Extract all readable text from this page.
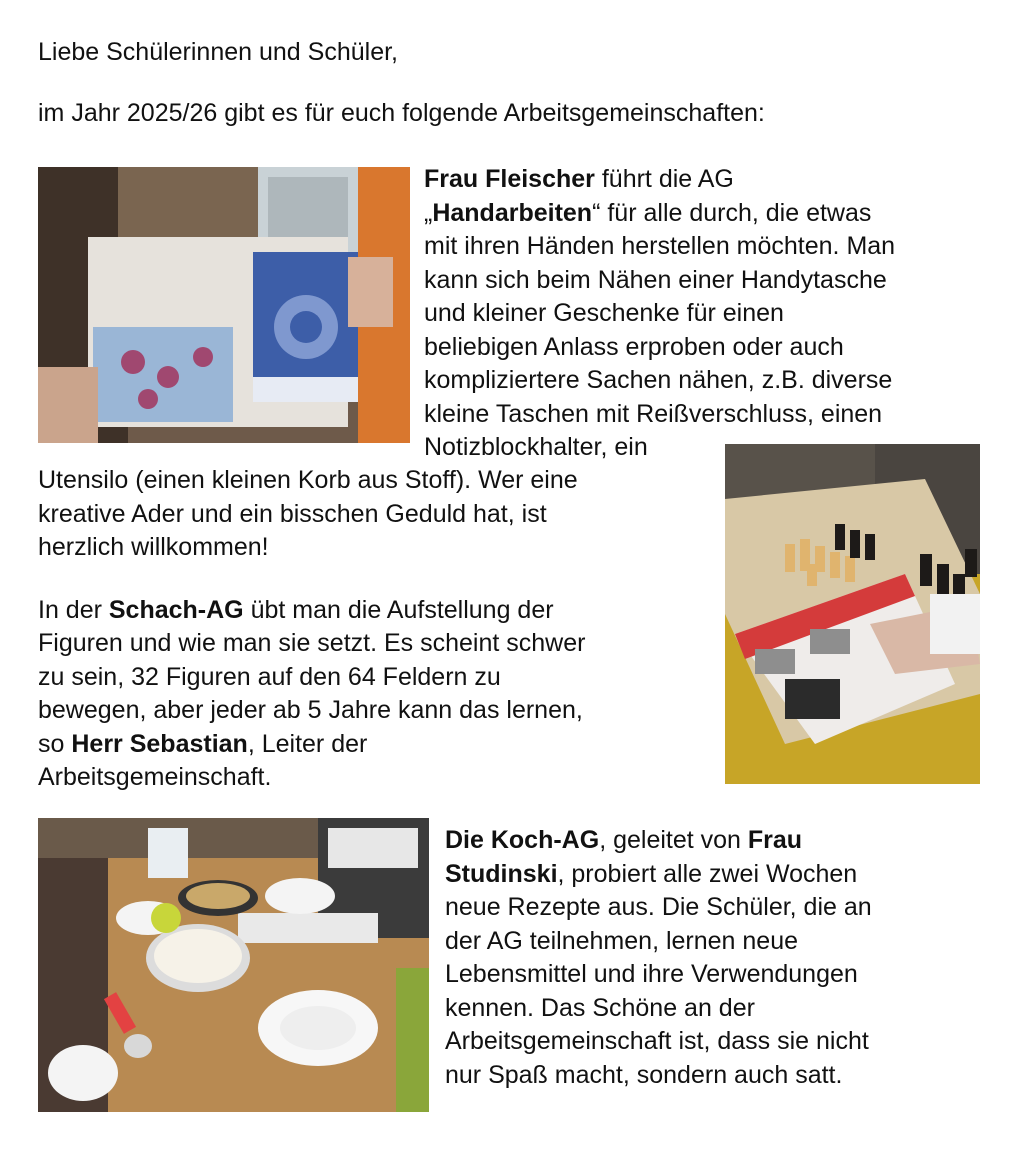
Liebe Schülerinnen und Schüler,
im Jahr 2025/26 gibt es für euch folgende Arbeitsgemeinschaften:
Frau Fleischer führt die AG
„Handarbeiten“ für alle durch, die etwas
mit ihren Händen herstellen möchten. Man
kann sich beim Nähen einer Handytasche
und kleiner Geschenke für einen
beliebigen Anlass erproben oder auch
kompliziertere Sachen nähen, z.B. diverse
kleine Taschen mit Reißverschluss, einen
Notizblockhalter, ein
Utensilo (einen kleinen Korb aus Stoff). Wer eine
kreative Ader und ein bisschen Geduld hat, ist
herzlich willkommen!
In der Schach-AG übt man die Aufstellung der
Figuren und wie man sie setzt. Es scheint schwer
zu sein, 32 Figuren auf den 64 Feldern zu
bewegen, aber jeder ab 5 Jahre kann das lernen,
so Herr Sebastian, Leiter der
Arbeitsgemeinschaft.
Die Koch-AG, geleitet von Frau
Studinski, probiert alle zwei Wochen
neue Rezepte aus. Die Schüler, die an
der AG teilnehmen, lernen neue
Lebensmittel und ihre Verwendungen
kennen. Das Schöne an der
Arbeitsgemeinschaft ist, dass sie nicht
nur Spaß macht, sondern auch satt.
